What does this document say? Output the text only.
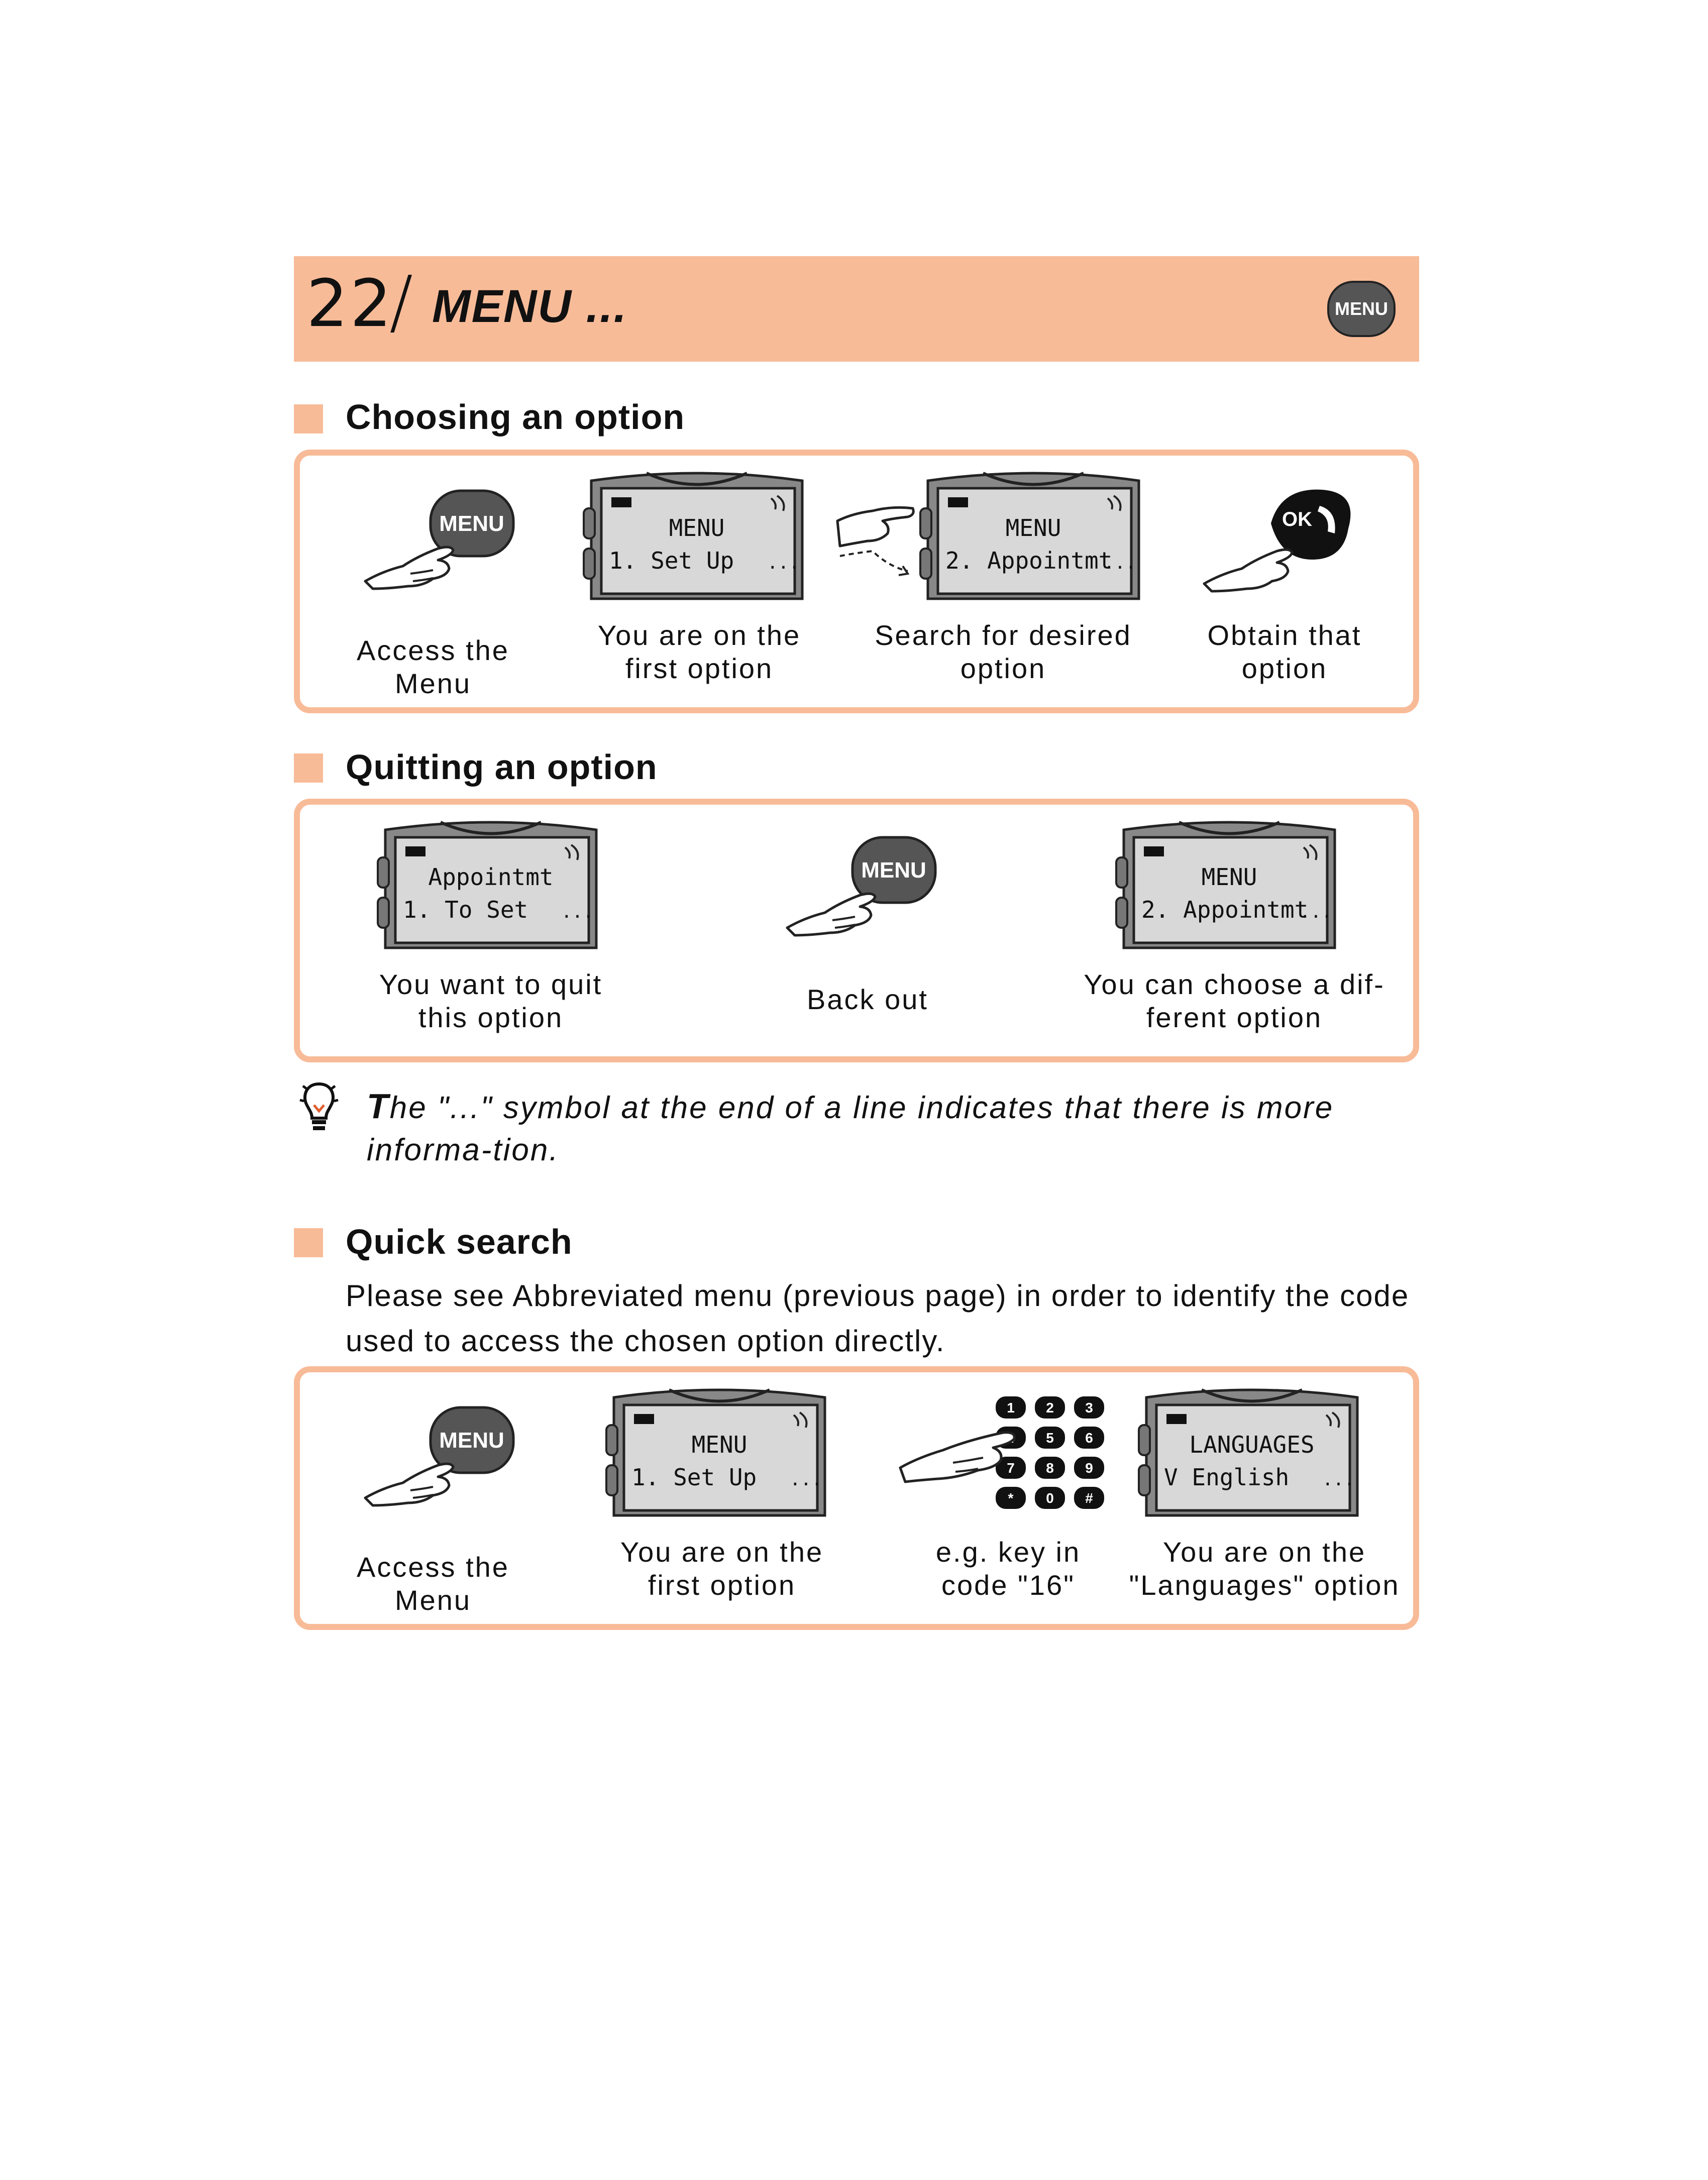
22
/ MENU ...	MENU
Choosing an option
MENU	MENU
1. Set Up ...
MENU
2. Appointmt
...
OK
Access the Menu
You are on the
first option
Search for desired
option
Obtain that
option
Quitting an option
Appointmt
1. To Set ...
MENU	MENU
2. Appointmt
...
You want to quit
this option
Back out	You can choose a dif-
ferent option
The "..." symbol at the end of a line indicates that there is more informa-tion.
Quick search
Please see Abbreviated menu (previous page) in order to identify the code used to access the chosen option directly.
MENU	MENU
1. Set Up ...
1 2 3
5 6
7 8 9
* 0 #
LANGUAGES
V English ...
Access the Menu
You are on the
first option
e.g. key in
code "16"
You are on the
"Languages" option
